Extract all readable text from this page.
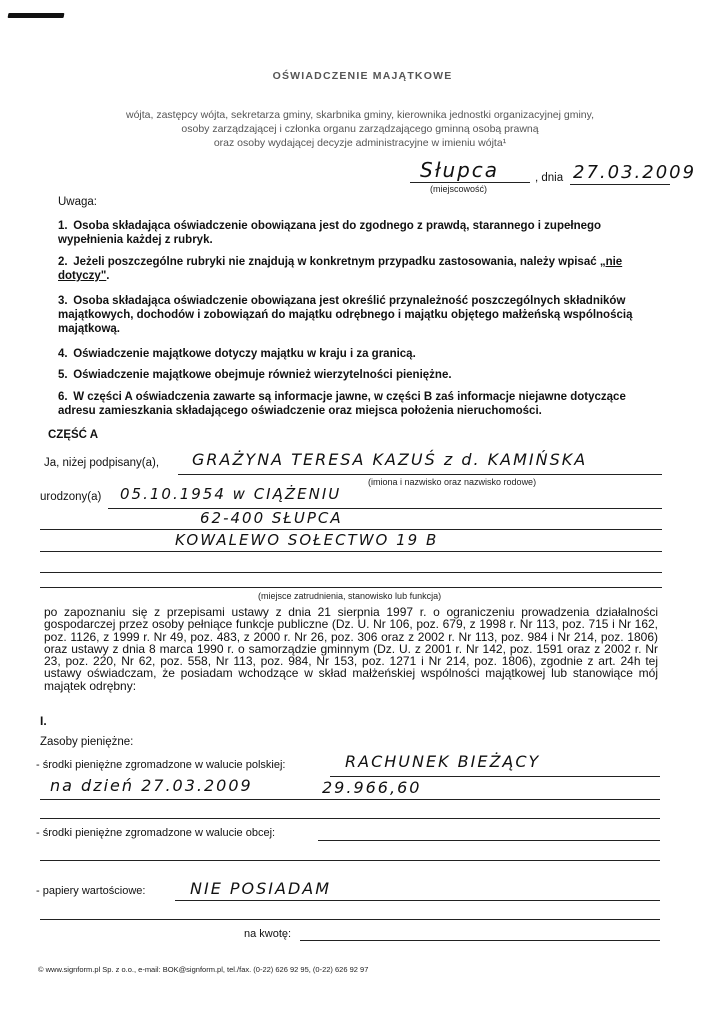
OŚWIADCZENIE MAJĄTKOWE
wójta, zastępcy wójta, sekretarza gminy, skarbnika gminy, kierownika jednostki organizacyjnej gminy,
osoby zarządzającej i członka organu zarządzającego gminną osobą prawną
oraz osoby wydającej decyzje administracyjne w imieniu wójta¹
Słupca
(miejscowość)
, dnia 27.03.2009
Uwaga:
1. Osoba składająca oświadczenie obowiązana jest do zgodnego z prawdą, starannego i zupełnego wypełnienia każdej z rubryk.
2. Jeżeli poszczególne rubryki nie znajdują w konkretnym przypadku zastosowania, należy wpisać „nie dotyczy".
3. Osoba składająca oświadczenie obowiązana jest określić przynależność poszczególnych składników majątkowych, dochodów i zobowiązań do majątku odrębnego i majątku objętego małżeńską wspólnością majątkową.
4. Oświadczenie majątkowe dotyczy majątku w kraju i za granicą.
5. Oświadczenie majątkowe obejmuje również wierzytelności pieniężne.
6. W części A oświadczenia zawarte są informacje jawne, w części B zaś informacje niejawne dotyczące adresu zamieszkania składającego oświadczenie oraz miejsca położenia nieruchomości.
CZĘŚĆ A
Ja, niżej podpisany(a), GRAŻYNA TERESA KAZUŚ z d. KAMIŃSKA
(imiona i nazwisko oraz nazwisko rodowe)
urodzony(a) 05.10.1954 w CIĄŻENIU
62-400 SŁUPCA
KOWALEWO SOŁECTWO 19 B
(miejsce zatrudnienia, stanowisko lub funkcja)
po zapoznaniu się z przepisami ustawy z dnia 21 sierpnia 1997 r. o ograniczeniu prowadzenia działalności gospodarczej przez osoby pełniące funkcje publiczne (Dz. U. Nr 106, poz. 679, z 1998 r. Nr 113, poz. 715 i Nr 162, poz. 1126, z 1999 r. Nr 49, poz. 483, z 2000 r. Nr 26, poz. 306 oraz z 2002 r. Nr 113, poz. 984 i Nr 214, poz. 1806) oraz ustawy z dnia 8 marca 1990 r. o samorządzie gminnym (Dz. U. z 2001 r. Nr 142, poz. 1591 oraz z 2002 r. Nr 23, poz. 220, Nr 62, poz. 558, Nr 113, poz. 984, Nr 153, poz. 1271 i Nr 214, poz. 1806), zgodnie z art. 24h tej ustawy oświadczam, że posiadam wchodzące w skład małżeńskiej wspólności majątkowej lub stanowiące mój majątek odrębny:
I.
Zasoby pieniężne:
- środki pieniężne zgromadzone w walucie polskiej:	RACHUNEK BIEŻĄCY
na dzień 27.03.2009	29.966,60
- środki pieniężne zgromadzone w walucie obcej:
- papiery wartościowe:	NIE POSIADAM
na kwotę:
© www.signform.pl Sp. z o.o., e-mail: BOK@signform.pl, tel./fax. (0-22) 626 92 95, (0-22) 626 92 97
